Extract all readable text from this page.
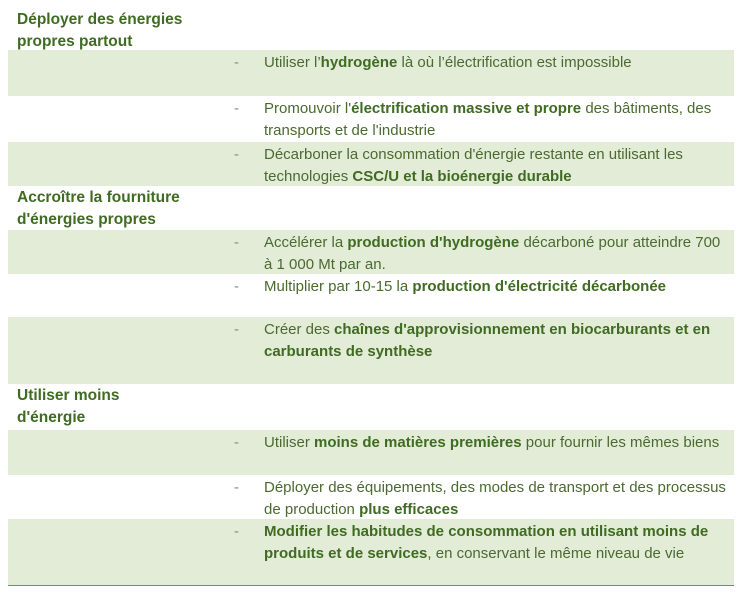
Déployer des énergies propres partout
- Utiliser l’hydrogène là où l’électrification est impossible
- Promouvoir l'électrification massive et propre des bâtiments, des transports et de l'industrie
- Décarboner la consommation d'énergie restante en utilisant les technologies CSC/U et la bioénergie durable
Accroître la fourniture d'énergies propres
- Accélérer la production d'hydrogène décarboné pour atteindre 700 à 1 000 Mt par an.
- Multiplier par 10-15 la production d'électricité décarbonée
- Créer des chaînes d'approvisionnement en biocarburants et en carburants de synthèse
Utiliser moins d'énergie
- Utiliser moins de matières premières pour fournir les mêmes biens
- Déployer des équipements, des modes de transport et des processus de production plus efficaces
- Modifier les habitudes de consommation en utilisant moins de produits et de services, en conservant le même niveau de vie
